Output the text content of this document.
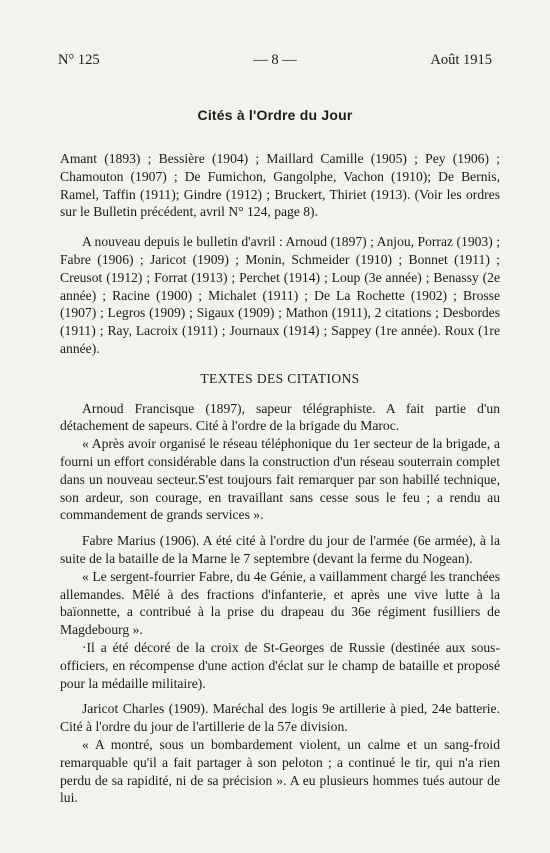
N° 125	— 8 —	Août 1915
Cités à l'Ordre du Jour

Amant (1893) ; Bessière (1904) ; Maillard Camille (1905) ; Pey (1906) ; Chamouton (1907) ; De Fumichon, Gangolphe, Vachon (1910); De Bernis, Ramel, Taffin (1911); Gindre (1912) ; Bruckert, Thiriet (1913). (Voir les ordres sur le Bulletin précédent, avril N° 124, page 8).

A nouveau depuis le bulletin d'avril : Arnoud (1897) ; Anjou, Porraz (1903) ; Fabre (1906) ; Jaricot (1909) ; Monin, Schmeider (1910) ; Bonnet (1911) ; Creusot (1912) ; Forrat (1913) ; Perchet (1914) ; Loup (3e année) ; Benassy (2e année) ; Racine (1900) ; Michalet (1911) ; De La Rochette (1902) ; Brosse (1907) ; Legros (1909) ; Sigaux (1909) ; Mathon (1911), 2 citations ; Desbordes (1911) ; Ray, Lacroix (1911) ; Journaux (1914) ; Sappey (1re année). Roux (1re année).

TEXTES DES CITATIONS

Arnoud Francisque (1897), sapeur télégraphiste. A fait partie d'un détachement de sapeurs. Cité à l'ordre de la brigade du Maroc.

« Après avoir organisé le réseau téléphonique du 1er secteur de la brigade, a fourni un effort considérable dans la construction d'un réseau souterrain complet dans un nouveau secteur.S'est toujours fait remarquer par son habillé technique, son ardeur, son courage, en travaillant sans cesse sous le feu ; a rendu au commandement de grands services ».

Fabre Marius (1906). A été cité à l'ordre du jour de l'armée (6e armée), à la suite de la bataille de la Marne le 7 septembre (devant la ferme du Nogean).

« Le sergent-fourrier Fabre, du 4e Génie, a vaillamment chargé les tranchées allemandes. Mêlé à des fractions d'infanterie, et après une vive lutte à la baïonnette, a contribué à la prise du drapeau du 36e régiment fusilliers de Magdebourg ».

·Il a été décoré de la croix de St-Georges de Russie (destinée aux sous-officiers, en récompense d'une action d'éclat sur le champ de bataille et proposé pour la médaille militaire).

Jaricot Charles (1909). Maréchal des logis 9e artillerie à pied, 24e batterie. Cité à l'ordre du jour de l'artillerie de la 57e division.

« A montré, sous un bombardement violent, un calme et un sang-froid remarquable qu'il a fait partager à son peloton ; a continué le tir, qui n'a rien perdu de sa rapidité, ni de sa précision ». A eu plusieurs hommes tués autour de lui.
